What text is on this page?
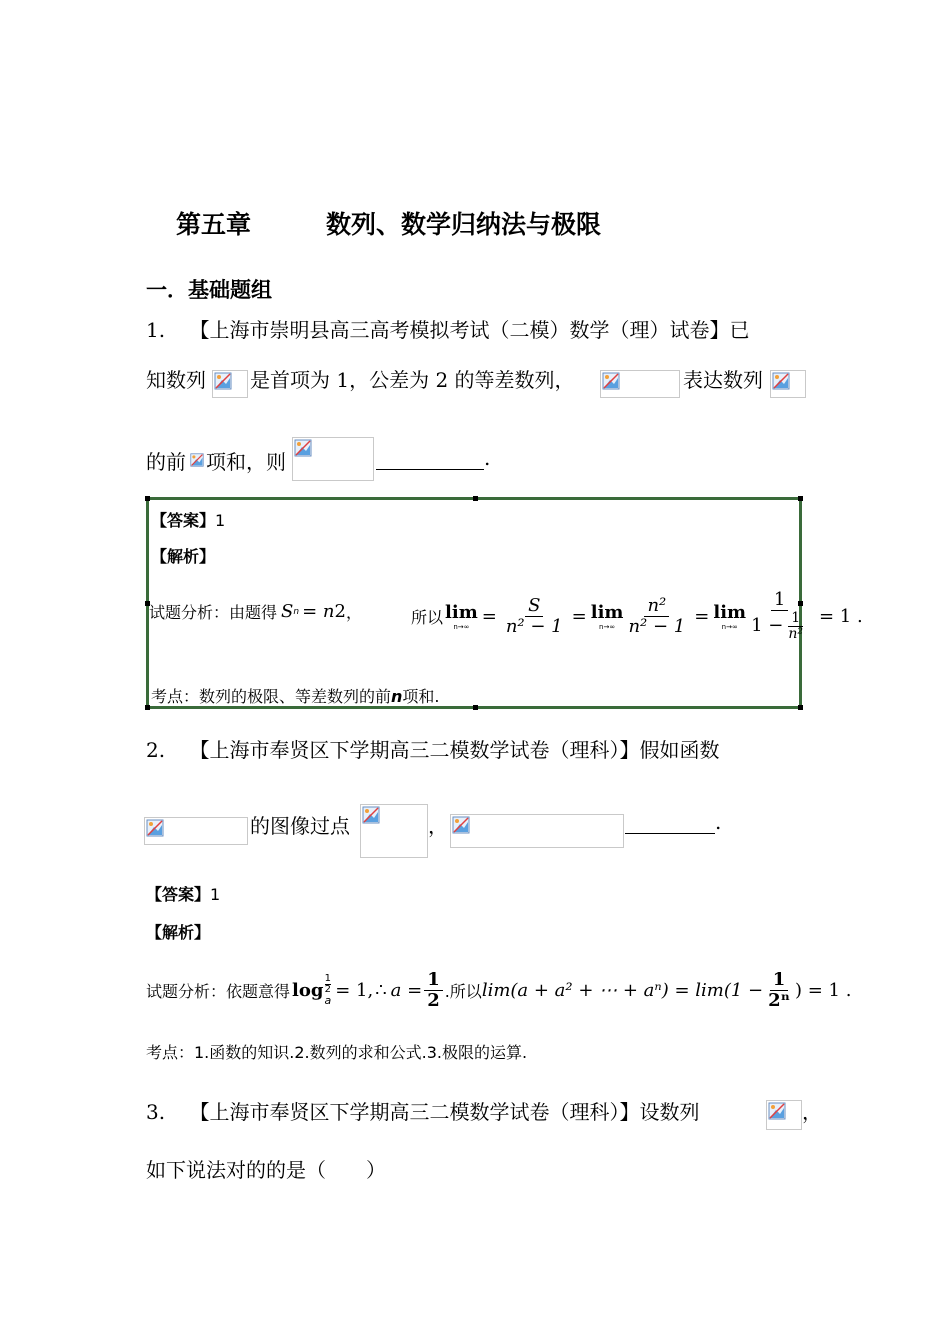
第五章	数列、数学归纳法与极限
一．基础题组
1. 【上海市崇明县高三高考模拟考试（二模）数学（理）试卷】已
知数列 是首项为 1，公差为 2 的等差数列，	表达数列
的前 项和，则	.
【答案】1
【解析】
试题分析：由题得 S n = n 2 ，	所以 lim
$n\to\infty = \frac{S}{\text{n² − 1}} = \lim$
$n\to\infty \frac{\text{n²}}{\text{n² − 1}} = \lim$
$n\to\infty \frac{1}{1 - \frac{1}{\text{n²}}} = 1$ .
考点：数列的极限、等差数列的前n项和.
2. 【上海市奉贤区下学期高三二模数学试卷（理科）】假如函数
的图像过点	，	.
【答案】1
【解析】
试题分析：依题意得 log
1
2
a = 1, ∴ $a = \frac{1}{2}$ .所以 lim(a + a² + ⋯ + $a^n) = \lim(1 - \frac{1}{\text{2ⁿ}}$ ) = 1 .
考点：1.函数的知识.2.数列的求和公式.3.极限的运算.
3. 【上海市奉贤区下学期高三二模数学试卷（理科）】设数列	，
如下说法对的的是（　　）
